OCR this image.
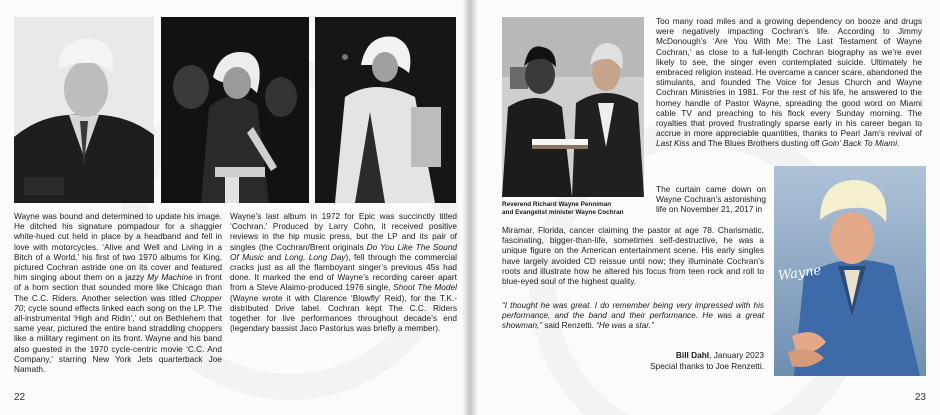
Wayne was bound and determined to update his image. He ditched his signature pompadour for a shaggier white-hued cut held in place by a headband and fell in love with motorcycles. ‘Alive and Well and Living in a Bitch of a World,’ his first of two 1970 albums for King, pictured Cochran astride one on its cover and featured him singing about them on a jazzy My Machine in front of a horn section that sounded more like Chicago than The C.C. Riders. Another selection was titled Chopper 70; cycle sound effects linked each song on the LP. The all-instrumental ‘High and Ridin’,’ out on Bethlehem that same year, pictured the entire band straddling choppers like a military regiment on its front. Wayne and his band also guested in the 1970 cycle-centric movie ‘C.C. And Company,’ starring New York Jets quarterback Joe Namath.
Wayne’s last album in 1972 for Epic was succinctly titled ‘Cochran.’ Produced by Larry Cohn, it received positive reviews in the hip music press, but the LP and its pair of singles (the Cochran/Brent originals Do You Like The Sound Of Music and Long, Long Day), fell through the commercial cracks just as all the flamboyant singer’s previous 45s had done. It marked the end of Wayne’s recording career apart from a Steve Alaimo-produced 1976 single, Shoot The Model (Wayne wrote it with Clarence ‘Blowfly’ Reid), for the T.K.-distributed Drive label. Cochran kept The C.C. Riders together for live performances throughout decade’s end (legendary bassist Jaco Pastorius was briefly a member).
22
Reverend Richard Wayne Penniman
and Evangelist minister Wayne Cochran
Too many road miles and a growing dependency on booze and drugs were negatively impacting Cochran’s life. According to Jimmy McDonough’s ‘Are You With Me: The Last Testament of Wayne Cochran,’ as close to a full-length Cochran biography as we’re ever likely to see, the singer even contemplated suicide. Ultimately he embraced religion instead. He overcame a cancer scare, abandoned the stimulants, and founded The Voice for Jesus Church and Wayne Cochran Ministries in 1981. For the rest of his life, he answered to the homey handle of Pastor Wayne, spreading the good word on Miami cable TV and preaching to his flock every Sunday morning. The royalties that proved frustratingly sparse early in his career began to accrue in more appreciable quantities, thanks to Pearl Jam’s revival of Last Kiss and The Blues Brothers dusting off Goin’ Back To Miami.
The curtain came down on Wayne Cochran’s astonishing life on November 21, 2017 in
Miramar, Florida, cancer claiming the pastor at age 78. Charismatic, fascinating, bigger-than-life, sometimes self-destructive, he was a unique figure on the American entertainment scene. His early singles have largely avoided CD reissue until now; they illuminate Cochran’s roots and illustrate how he altered his focus from teen rock and roll to blue-eyed soul of the highest quality.	Wayne
“I thought he was great. I do remember being very impressed with his performance, and the band and their performance. He was a great showman,” said Renzetti. “He was a star.”
Bill Dahl, January 2023
Special thanks to Joe Renzetti.
23
